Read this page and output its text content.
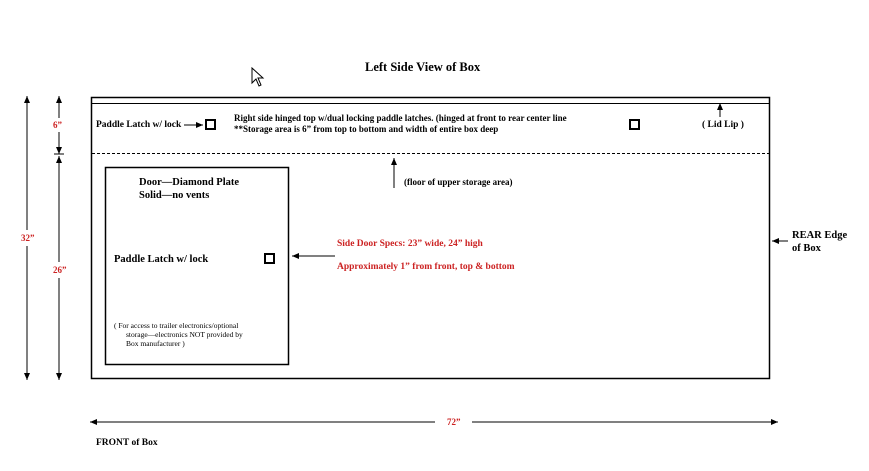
Left Side View of Box
Paddle Latch w/ lock
Right side hinged top w/dual locking paddle latches. (hinged at front to rear center line
**Storage area is 6” from top to bottom and width of entire box deep	( Lid Lip )
(floor of upper storage area)
Door—Diamond Plate
Solid—no vents
Paddle Latch w/ lock
( For access to trailer electronics/optional
storage—electronics NOT provided by
Box manufacturer )
Side Door Specs: 23” wide, 24” high
Approximately 1” from front, top & bottom
REAR Edge
of Box
FRONT of Box
32”
6”
26”
72”
